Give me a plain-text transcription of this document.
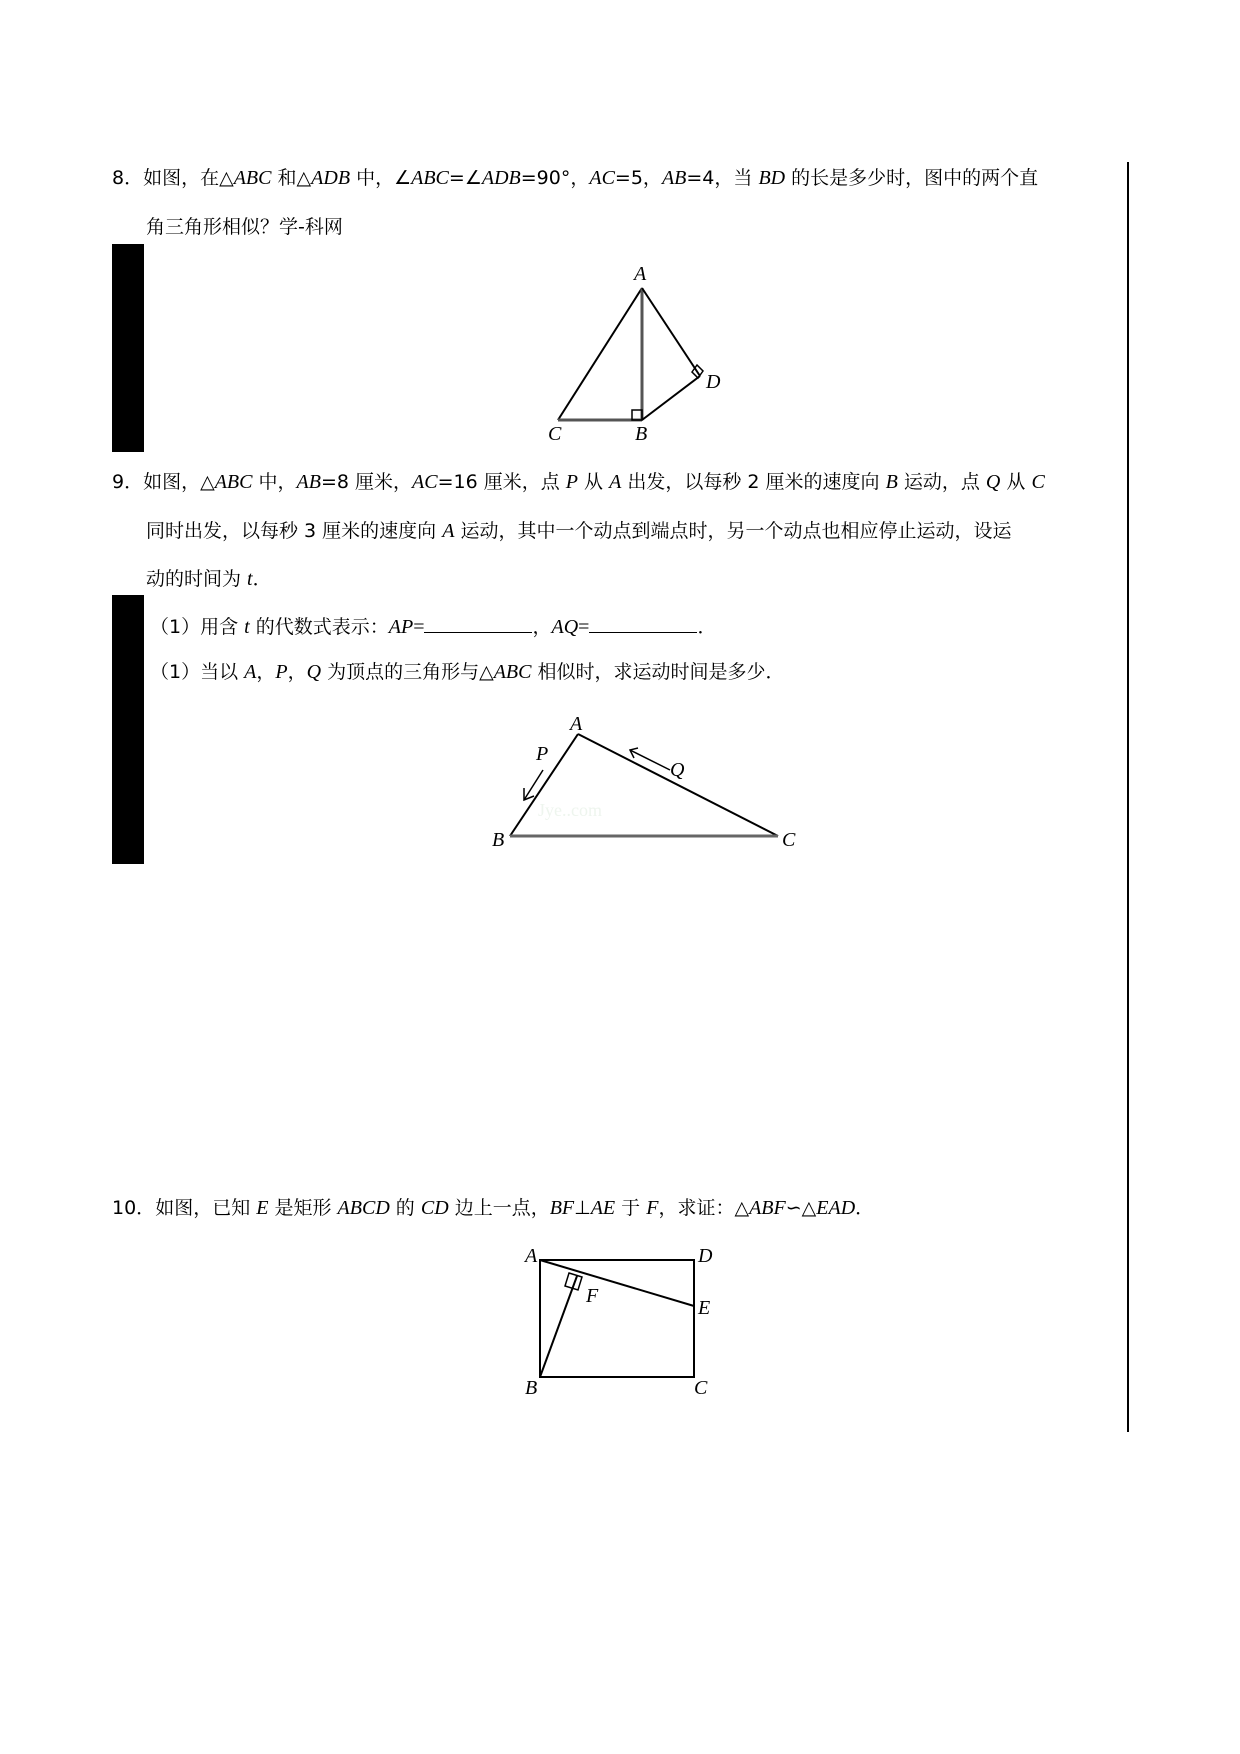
8．如图，在△ABC 和△ADB 中，∠ABC=∠ADB=90°，AC=5，AB=4，当 BD 的长是多少时，图中的两个直
角三角形相似？学-科网
A
C	B
D
9．如图，△ABC 中，AB=8 厘米，AC=16 厘米，点 P 从 A 出发，以每秒 2 厘米的速度向 B 运动，点 Q 从 C
同时出发，以每秒 3 厘米的速度向 A 运动，其中一个动点到端点时，另一个动点也相应停止运动，设运
动的时间为 t．
（1）用含 t 的代数式表示：AP=	，AQ=	．
（1）当以 A，P，Q 为顶点的三角形与△ABC 相似时，求运动时间是多少．
Jye..com
A
P
Q
B	C
10．如图，已知 E 是矩形 ABCD 的 CD 边上一点，BF⊥AE 于 F，求证：△ABF∽△EAD．
A	D
F
E
B	C
